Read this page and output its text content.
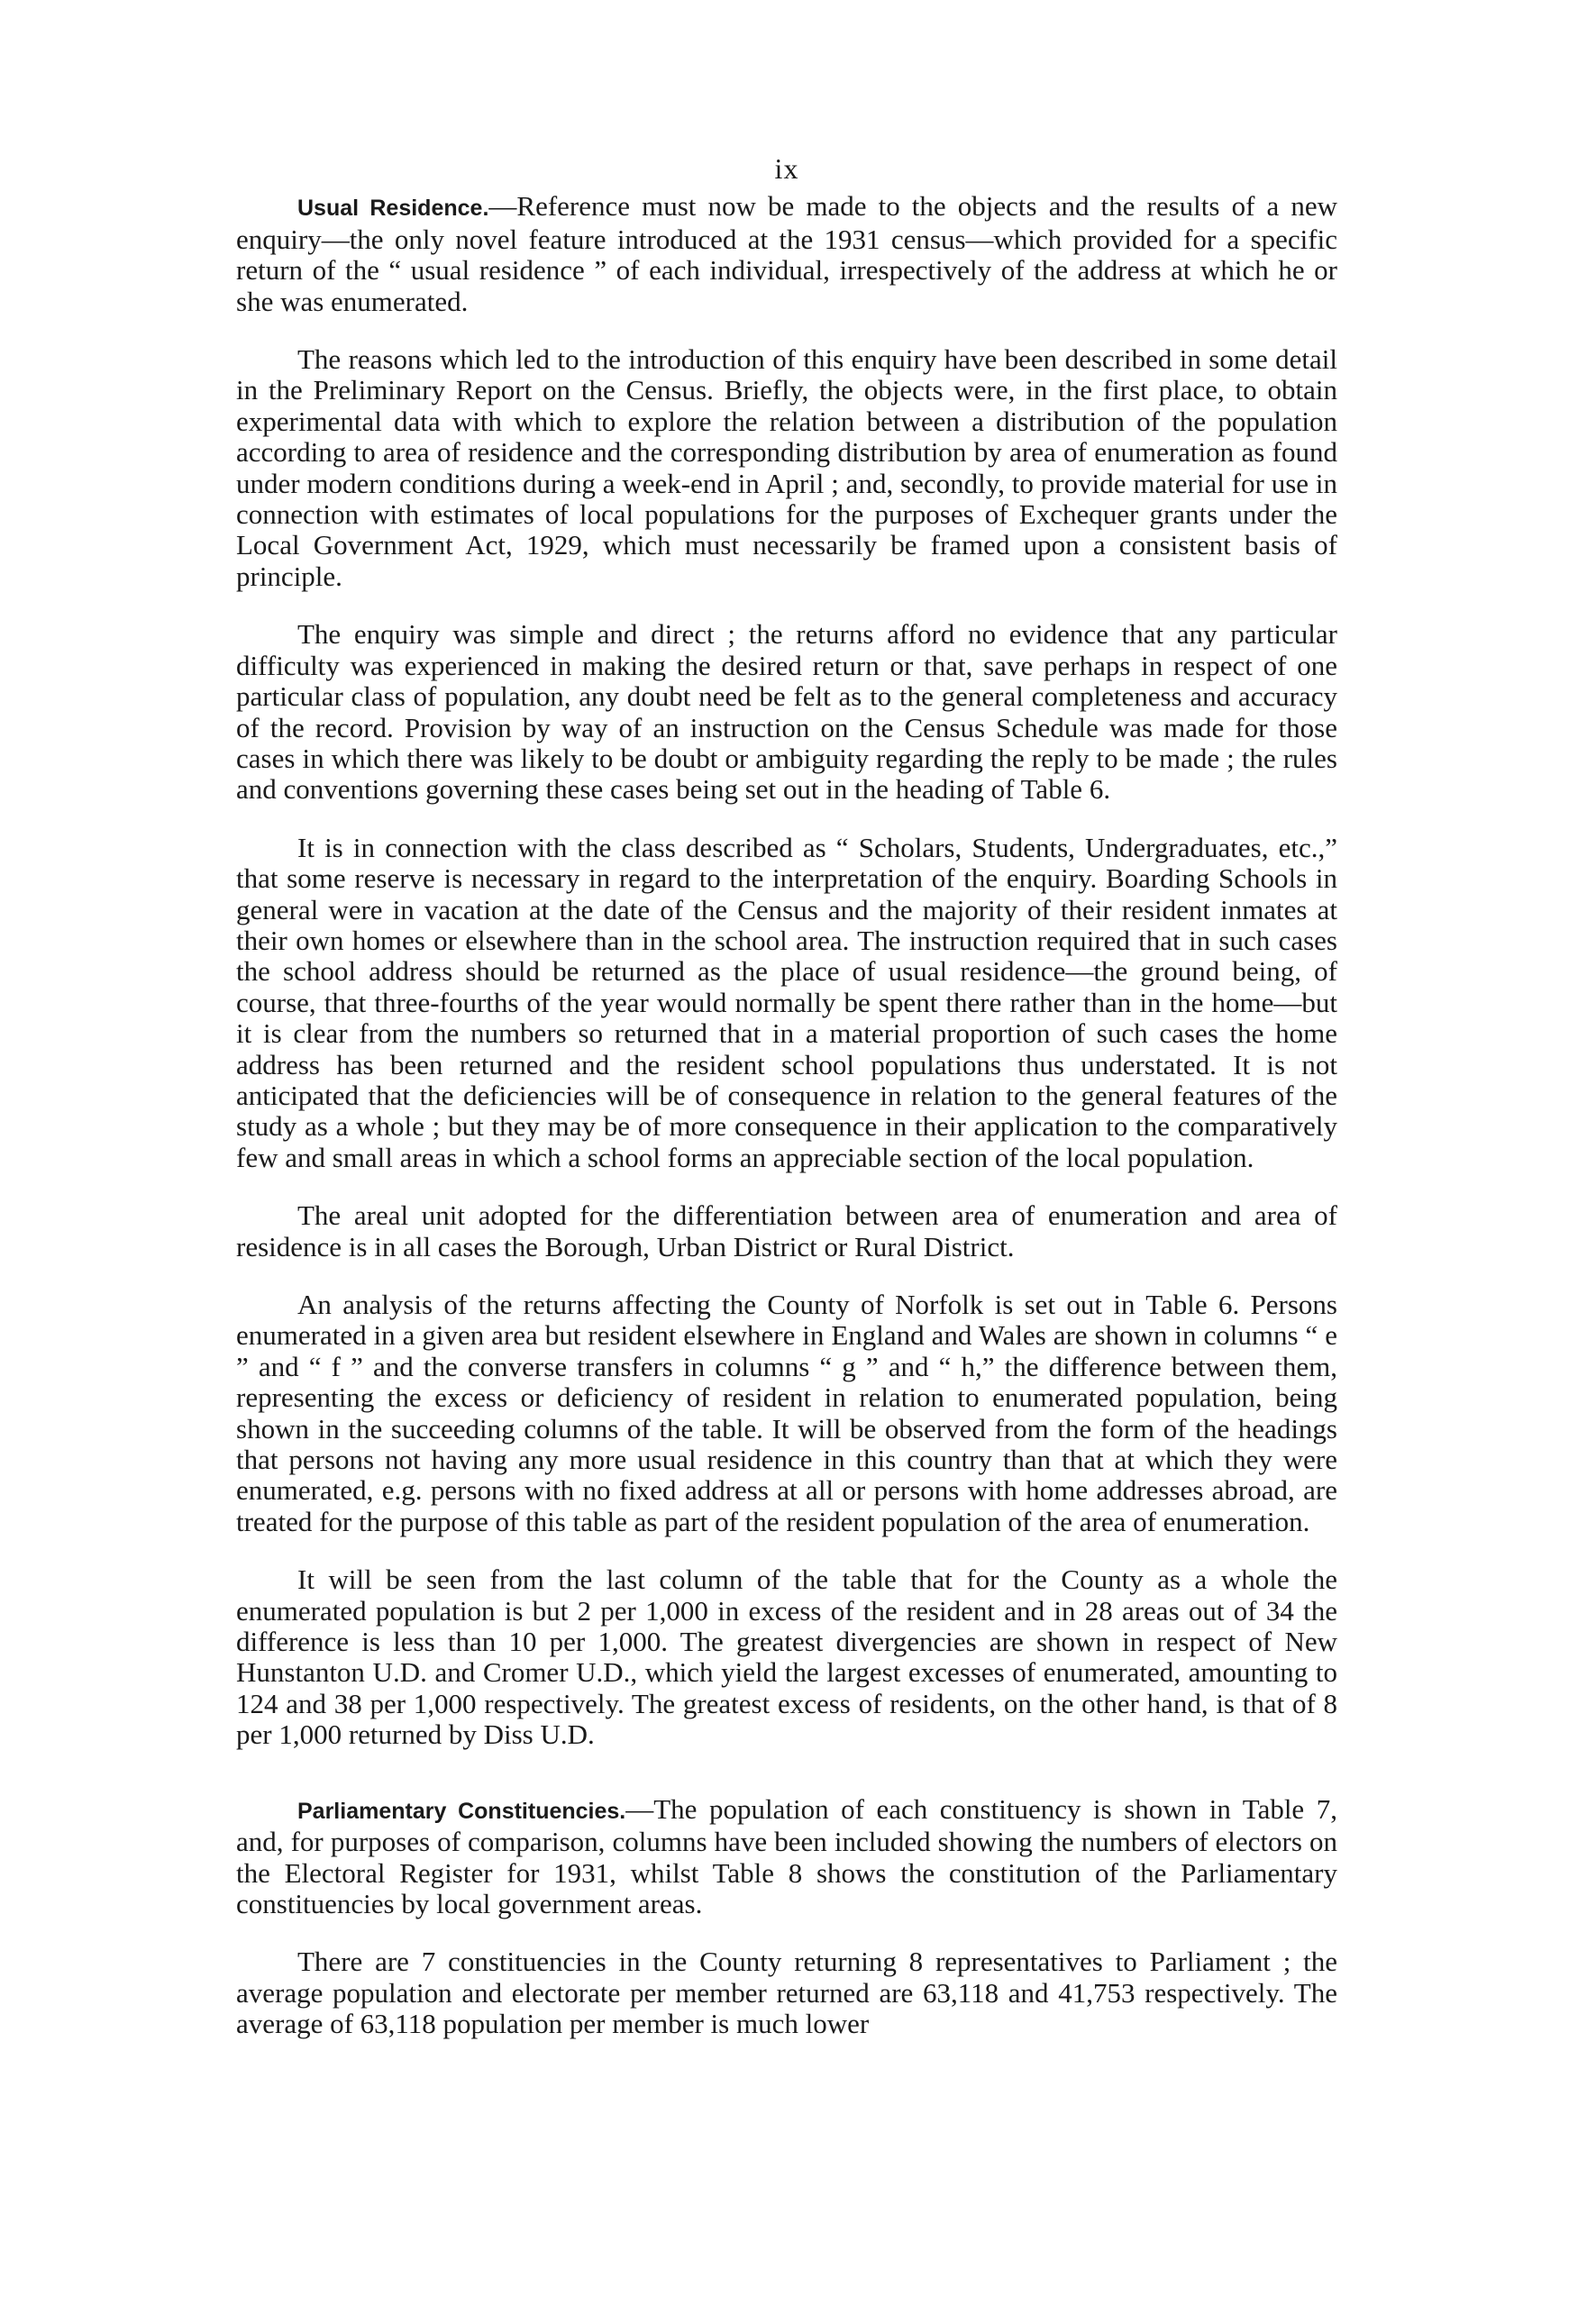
ix

Usual Residence.—Reference must now be made to the objects and the results of a new enquiry—the only novel feature introduced at the 1931 census—which provided for a specific return of the “ usual residence ” of each individual, irrespectively of the address at which he or she was enumerated.

The reasons which led to the introduction of this enquiry have been described in some detail in the Preliminary Report on the Census. Briefly, the objects were, in the first place, to obtain experimental data with which to explore the relation between a distribution of the population according to area of residence and the corresponding distribution by area of enumeration as found under modern conditions during a week-end in April ; and, secondly, to provide material for use in connection with estimates of local populations for the purposes of Exchequer grants under the Local Government Act, 1929, which must necessarily be framed upon a consistent basis of principle.

The enquiry was simple and direct ; the returns afford no evidence that any particular difficulty was experienced in making the desired return or that, save perhaps in respect of one particular class of population, any doubt need be felt as to the general completeness and accuracy of the record. Provision by way of an instruction on the Census Schedule was made for those cases in which there was likely to be doubt or ambiguity regarding the reply to be made ; the rules and conventions governing these cases being set out in the heading of Table 6.

It is in connection with the class described as “ Scholars, Students, Undergraduates, etc.,” that some reserve is necessary in regard to the interpretation of the enquiry. Boarding Schools in general were in vacation at the date of the Census and the majority of their resident inmates at their own homes or elsewhere than in the school area. The instruction required that in such cases the school address should be returned as the place of usual residence—the ground being, of course, that three-fourths of the year would normally be spent there rather than in the home—but it is clear from the numbers so returned that in a material proportion of such cases the home address has been returned and the resident school populations thus understated. It is not anticipated that the deficiencies will be of consequence in relation to the general features of the study as a whole ; but they may be of more consequence in their application to the comparatively few and small areas in which a school forms an appreciable section of the local population.

The areal unit adopted for the differentiation between area of enumeration and area of residence is in all cases the Borough, Urban District or Rural District.

An analysis of the returns affecting the County of Norfolk is set out in Table 6. Persons enumerated in a given area but resident elsewhere in England and Wales are shown in columns “ e ” and “ f ” and the converse transfers in columns “ g ” and “ h,” the difference between them, representing the excess or deficiency of resident in relation to enumerated population, being shown in the succeeding columns of the table. It will be observed from the form of the headings that persons not having any more usual residence in this country than that at which they were enumerated, e.g. persons with no fixed address at all or persons with home addresses abroad, are treated for the purpose of this table as part of the resident population of the area of enumeration.

It will be seen from the last column of the table that for the County as a whole the enumerated population is but 2 per 1,000 in excess of the resident and in 28 areas out of 34 the difference is less than 10 per 1,000. The greatest divergencies are shown in respect of New Hunstanton U.D. and Cromer U.D., which yield the largest excesses of enumerated, amounting to 124 and 38 per 1,000 respectively. The greatest excess of residents, on the other hand, is that of 8 per 1,000 returned by Diss U.D.

Parliamentary Constituencies.—The population of each constituency is shown in Table 7, and, for purposes of comparison, columns have been included showing the numbers of electors on the Electoral Register for 1931, whilst Table 8 shows the constitution of the Parliamentary constituencies by local government areas.

There are 7 constituencies in the County returning 8 representatives to Parliament ; the average population and electorate per member returned are 63,118 and 41,753 respectively. The average of 63,118 population per member is much lower
